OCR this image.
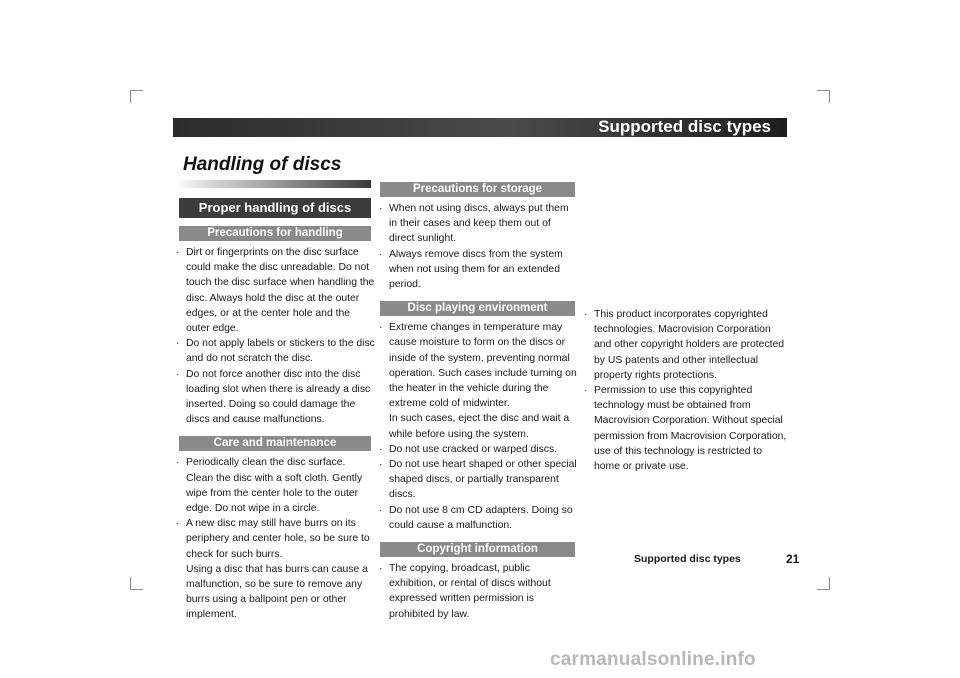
Supported disc types
Handling of discs
Proper handling of discs
Precautions for handling
· Dirt or fingerprints on the disc surface could make the disc unreadable. Do not touch the disc surface when handling the disc. Always hold the disc at the outer edges, or at the center hole and the outer edge.
· Do not apply labels or stickers to the disc and do not scratch the disc.
· Do not force another disc into the disc loading slot when there is already a disc inserted. Doing so could damage the discs and cause malfunctions.
Care and maintenance
· Periodically clean the disc surface. Clean the disc with a soft cloth. Gently wipe from the center hole to the outer edge. Do not wipe in a circle.
· A new disc may still have burrs on its periphery and center hole, so be sure to check for such burrs.
Using a disc that has burrs can cause a malfunction, so be sure to remove any burrs using a ballpoint pen or other implement.
Precautions for storage
· When not using discs, always put them in their cases and keep them out of direct sunlight.
· Always remove discs from the system when not using them for an extended period.
Disc playing environment
· Extreme changes in temperature may cause moisture to form on the discs or inside of the system, preventing normal operation. Such cases include turning on the heater in the vehicle during the extreme cold of midwinter.
In such cases, eject the disc and wait a while before using the system.
· Do not use cracked or warped discs.
· Do not use heart shaped or other special shaped discs, or partially transparent discs.
· Do not use 8 cm CD adapters. Doing so could cause a malfunction.
Copyright information
· The copying, broadcast, public exhibition, or rental of discs without expressed written permission is prohibited by law.
· This product incorporates copyrighted technologies. Macrovision Corporation and other copyright holders are protected by US patents and other intellectual property rights protections.
· Permission to use this copyrighted technology must be obtained from Macrovision Corporation. Without special permission from Macrovision Corporation, use of this technology is restricted to home or private use.
Supported disc types	21
carmanualsonline.info
